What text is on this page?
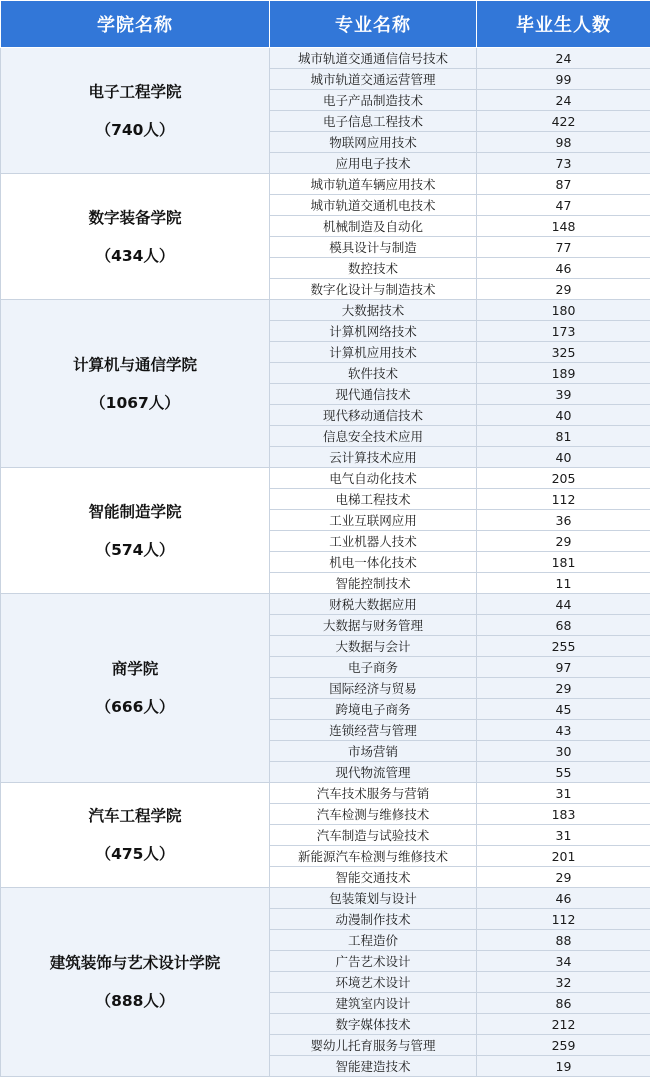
学院名称	专业名称	毕业生人数

电子工程学院
（740人）	城市轨道交通通信信号技术	24
	城市轨道交通运营管理	99
	电子产品制造技术	24
	电子信息工程技术	422
	物联网应用技术	98
	应用电子技术	73

数字装备学院
（434人）	城市轨道车辆应用技术	87
	城市轨道交通机电技术	47
	机械制造及自动化	148
	模具设计与制造	77
	数控技术	46
	数字化设计与制造技术	29

计算机与通信学院
（1067人）	大数据技术	180
	计算机网络技术	173
	计算机应用技术	325
	软件技术	189
	现代通信技术	39
	现代移动通信技术	40
	信息安全技术应用	81
	云计算技术应用	40

智能制造学院
（574人）	电气自动化技术	205
	电梯工程技术	112
	工业互联网应用	36
	工业机器人技术	29
	机电一体化技术	181
	智能控制技术	11

商学院
（666人）	财税大数据应用	44
	大数据与财务管理	68
	大数据与会计	255
	电子商务	97
	国际经济与贸易	29
	跨境电子商务	45
	连锁经营与管理	43
	市场营销	30
	现代物流管理	55

汽车工程学院
（475人）	汽车技术服务与营销	31
	汽车检测与维修技术	183
	汽车制造与试验技术	31
	新能源汽车检测与维修技术	201
	智能交通技术	29

建筑装饰与艺术设计学院
（888人）	包装策划与设计	46
	动漫制作技术	112
	工程造价	88
	广告艺术设计	34
	环境艺术设计	32
	建筑室内设计	86
	数字媒体技术	212
	婴幼儿托育服务与管理	259
	智能建造技术	19
